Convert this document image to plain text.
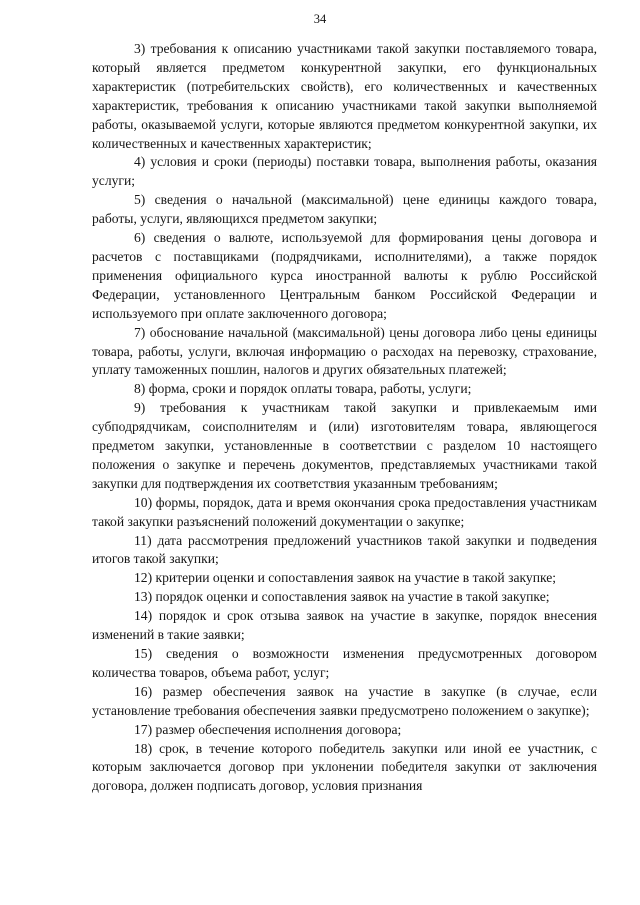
34

3) требования к описанию участниками такой закупки поставляемого товара, который является предметом конкурентной закупки, его функциональных характеристик (потребительских свойств), его количественных и качественных характеристик, требования к описанию участниками такой закупки выполняемой работы, оказываемой услуги, которые являются предметом конкурентной закупки, их количественных и качественных характеристик;

4) условия и сроки (периоды) поставки товара, выполнения работы, оказания услуги;

5) сведения о начальной (максимальной) цене единицы каждого товара, работы, услуги, являющихся предметом закупки;

6) сведения о валюте, используемой для формирования цены договора и расчетов с поставщиками (подрядчиками, исполнителями), а также порядок применения официального курса иностранной валюты к рублю Российской Федерации, установленного Центральным банком Российской Федерации и используемого при оплате заключенного договора;

7) обоснование начальной (максимальной) цены договора либо цены единицы товара, работы, услуги, включая информацию о расходах на перевозку, страхование, уплату таможенных пошлин, налогов и других обязательных платежей;

8) форма, сроки и порядок оплаты товара, работы, услуги;

9) требования к участникам такой закупки и привлекаемым ими субподрядчикам, соисполнителям и (или) изготовителям товара, являющегося предметом закупки, установленные в соответствии с разделом 10 настоящего положения о закупке и перечень документов, представляемых участниками такой закупки для подтверждения их соответствия указанным требованиям;

10) формы, порядок, дата и время окончания срока предоставления участникам такой закупки разъяснений положений документации о закупке;

11) дата рассмотрения предложений участников такой закупки и подведения итогов такой закупки;

12) критерии оценки и сопоставления заявок на участие в такой закупке;

13) порядок оценки и сопоставления заявок на участие в такой закупке;

14) порядок и срок отзыва заявок на участие в закупке, порядок внесения изменений в такие заявки;

15) сведения о возможности изменения предусмотренных договором количества товаров, объема работ, услуг;

16) размер обеспечения заявок на участие в закупке (в случае, если установление требования обеспечения заявки предусмотрено положением о закупке);

17) размер обеспечения исполнения договора;

18) срок, в течение которого победитель закупки или иной ее участник, с которым заключается договор при уклонении победителя закупки от заключения договора, должен подписать договор, условия признания
